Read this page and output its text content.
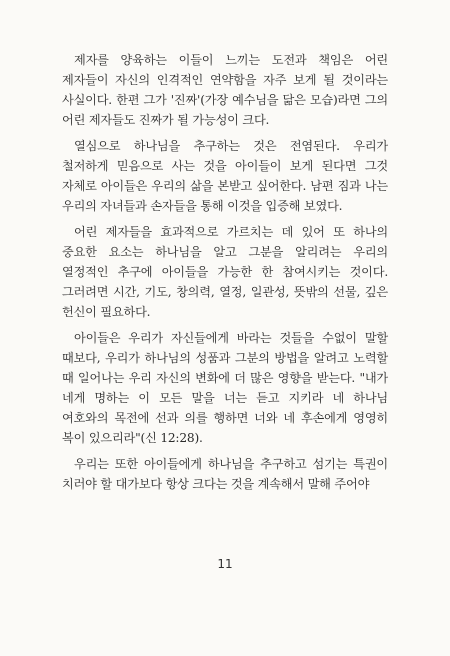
제자를 양육하는 이들이 느끼는 도전과 책임은 어린 제자들이 자신의 인격적인 연약함을 자주 보게 될 것이라는 사실이다. 한편 그가 '진짜'(가장 예수님을 닮은 모습)라면 그의 어린 제자들도 진짜가 될 가능성이 크다.

열심으로 하나님을 추구하는 것은 전염된다. 우리가 철저하게 믿음으로 사는 것을 아이들이 보게 된다면 그것 자체로 아이들은 우리의 삶을 본받고 싶어한다. 남편 짐과 나는 우리의 자녀들과 손자들을 통해 이것을 입증해 보였다.

어린 제자들을 효과적으로 가르치는 데 있어 또 하나의 중요한 요소는 하나님을 알고 그분을 알리려는 우리의 열정적인 추구에 아이들을 가능한 한 참여시키는 것이다. 그러려면 시간, 기도, 창의력, 열정, 일관성, 뜻밖의 선물, 깊은 헌신이 필요하다.

아이들은 우리가 자신들에게 바라는 것들을 수없이 말할 때보다, 우리가 하나님의 성품과 그분의 방법을 알려고 노력할 때 일어나는 우리 자신의 변화에 더 많은 영향을 받는다. "내가 네게 명하는 이 모든 말을 너는 듣고 지키라 네 하나님 여호와의 목전에 선과 의를 행하면 너와 네 후손에게 영영히 복이 있으리라"(신 12:28).

우리는 또한 아이들에게 하나님을 추구하고 섬기는 특권이 치러야 할 대가보다 항상 크다는 것을 계속해서 말해 주어야

11
